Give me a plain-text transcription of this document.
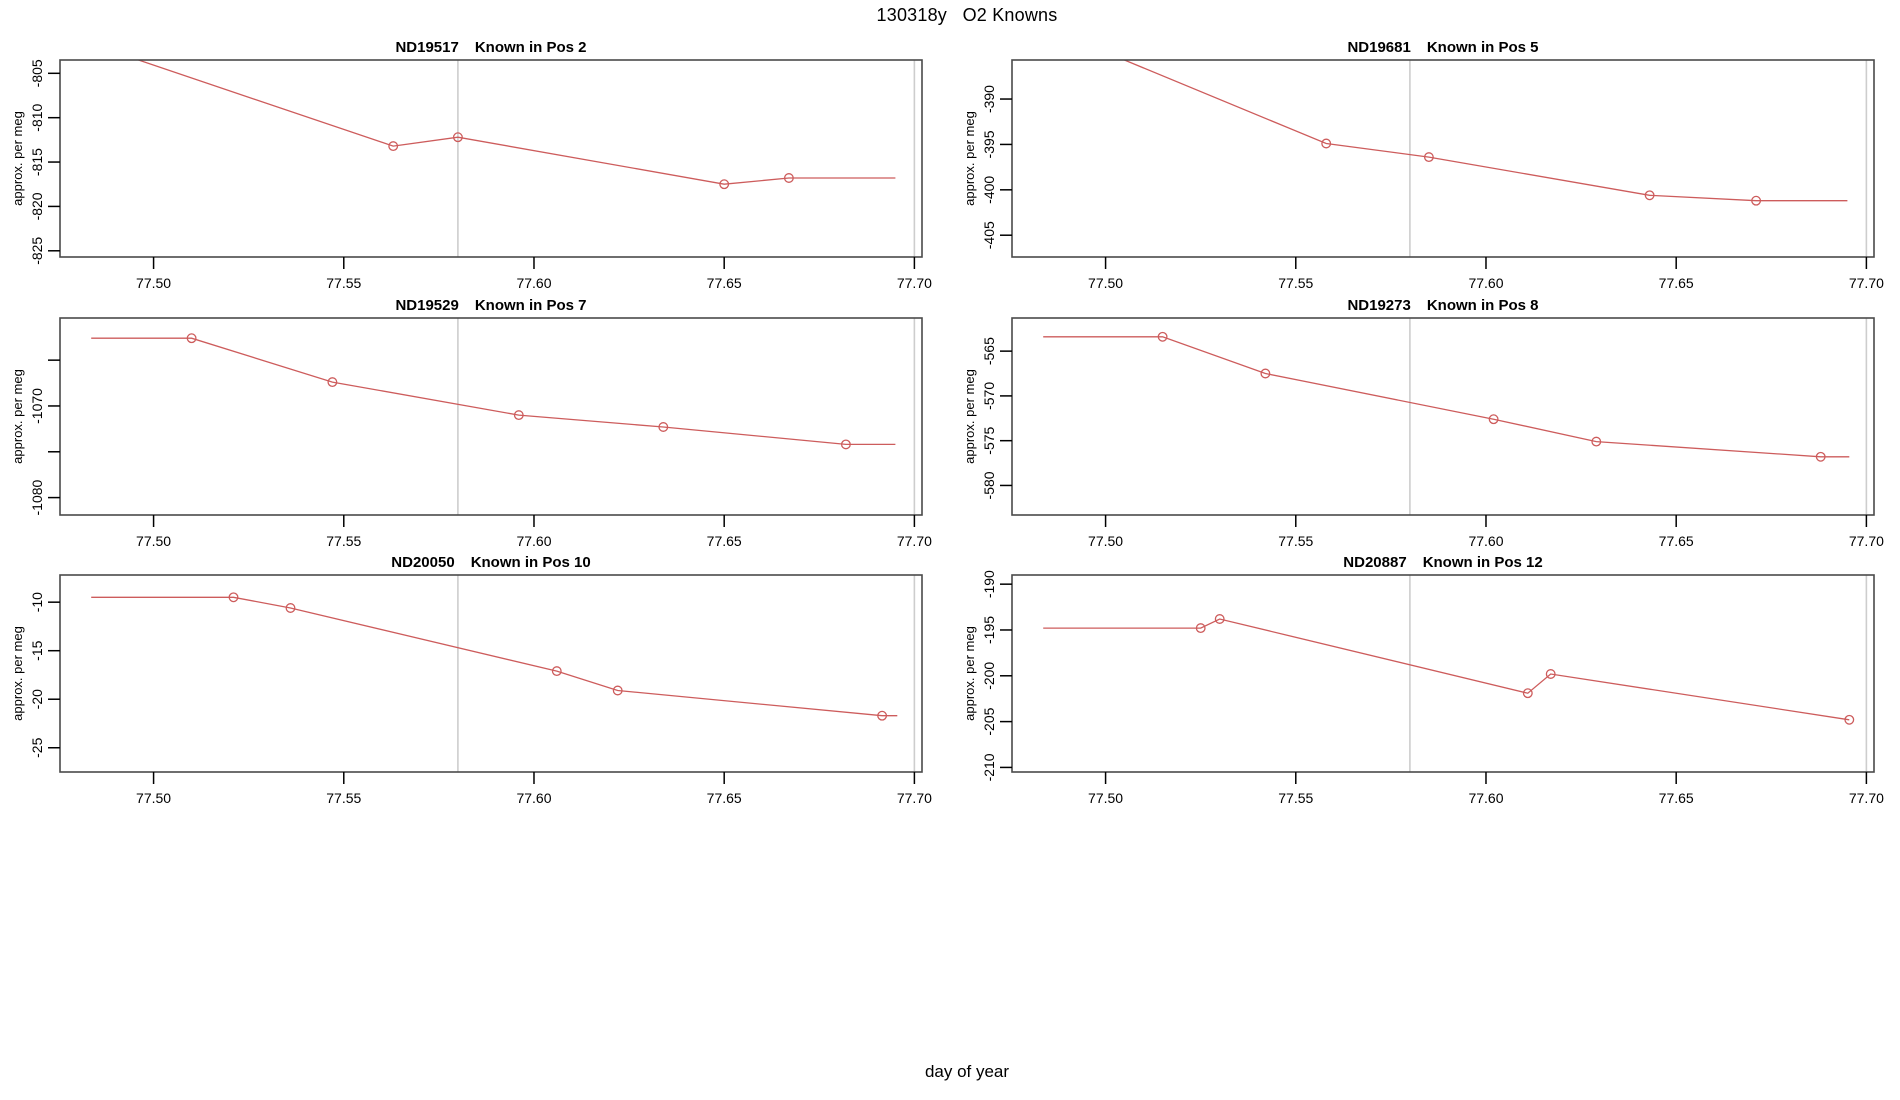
130318y   O2 Knowns
77.50	77.55	77.60	77.65	77.70
-805
-810
-815
-820
-825
approx. per meg
ND19517 Known in Pos 2
77.50	77.55	77.60	77.65	77.70
-390
-395
-400
-405
approx. per meg
ND19681 Known in Pos 5
77.50	77.55	77.60	77.65	77.70
-1070
-1080
approx. per meg
ND19529 Known in Pos 7
77.50	77.55	77.60	77.65	77.70
-565
-570
-575
-580
approx. per meg
ND19273 Known in Pos 8
77.50	77.55	77.60	77.65	77.70
-10
-15
-20
-25
approx. per meg
ND20050 Known in Pos 10
77.50	77.55	77.60	77.65	77.70
-190
-195
-200
-205
-210
approx. per meg
ND20887 Known in Pos 12
day of year
